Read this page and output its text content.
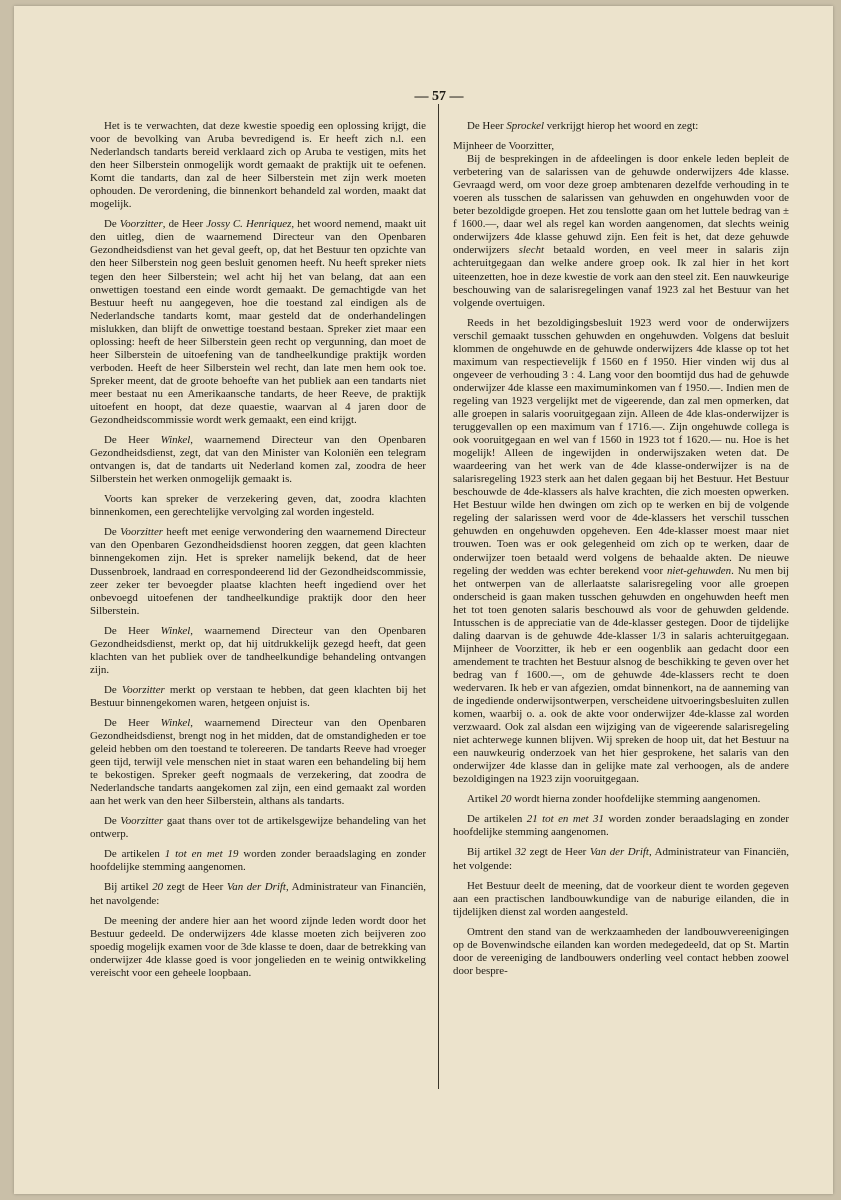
— 57 —

Het is te verwachten, dat deze kwestie spoedig een oplossing krijgt, die voor de bevolking van Aruba bevredigend is. Er heeft zich n.l. een Nederlandsch tandarts bereid verklaard zich op Aruba te vestigen, mits het den heer Silberstein onmogelijk wordt gemaakt de praktijk uit te oefenen. Komt die tandarts, dan zal de heer Silberstein met zijn werk moeten ophouden. De verordening, die binnenkort behandeld zal worden, maakt dat mogelijk.

De Voorzitter, de Heer Jossy C. Henriquez, het woord nemend, maakt uit den uitleg, dien de waarnemend Directeur van den Openbaren Gezondheidsdienst van het geval geeft, op, dat het Bestuur ten opzichte van den heer Silberstein nog geen besluit genomen heeft. Nu heeft spreker niets tegen den heer Silberstein; wel acht hij het van belang, dat aan een onwettigen toestand een einde wordt gemaakt. De gemachtigde van het Bestuur heeft nu aangegeven, hoe die toestand zal eindigen als de Nederlandsche tandarts komt, maar gesteld dat de onderhandelingen mislukken, dan blijft de onwettige toestand bestaan. Spreker ziet maar een oplossing: heeft de heer Silberstein geen recht op vergunning, dan moet de heer Silberstein de uitoefening van de tandheelkundige praktijk worden verboden. Heeft de heer Silberstein wel recht, dan late men hem ook toe. Spreker meent, dat de groote behoefte van het publiek aan een tandarts niet meer bestaat nu een Amerikaansche tandarts, de heer Reeve, de praktijk uitoefent en hoopt, dat deze quaestie, waarvan al 4 jaren door de Gezondheidscommissie wordt werk gemaakt, een eind krijgt.

De Heer Winkel, waarnemend Directeur van den Openbaren Gezondheidsdienst, zegt, dat van den Minister van Koloniën een telegram ontvangen is, dat de tandarts uit Nederland komen zal, zoodra de heer Silberstein het werken onmogelijk gemaakt is.

Voorts kan spreker de verzekering geven, dat, zoodra klachten binnenkomen, een gerechtelijke vervolging zal worden ingesteld.

De Voorzitter heeft met eenige verwondering den waarnemend Directeur van den Openbaren Gezondheidsdienst hooren zeggen, dat geen klachten binnengekomen zijn. Het is spreker namelijk bekend, dat de heer Dussenbroek, landraad en correspondeerend lid der Gezondheidscommissie, zeer zeker ter bevoegder plaatse klachten heeft ingediend over het onbevoegd uitoefenen der tandheelkundige praktijk door den heer Silberstein.

De Heer Winkel, waarnemend Directeur van den Openbaren Gezondheidsdienst, merkt op, dat hij uitdrukkelijk gezegd heeft, dat geen klachten van het publiek over de tandheelkundige behandeling ontvangen zijn.

De Voorzitter merkt op verstaan te hebben, dat geen klachten bij het Bestuur binnengekomen waren, hetgeen onjuist is.

De Heer Winkel, waarnemend Directeur van den Openbaren Gezondheidsdienst, brengt nog in het midden, dat de omstandigheden er toe geleid hebben om den toestand te tolereeren. De tandarts Reeve had vroeger geen tijd, terwijl vele menschen niet in staat waren een behandeling bij hem te bekostigen. Spreker geeft nogmaals de verzekering, dat zoodra de Nederlandsche tandarts aangekomen zal zijn, een eind gemaakt zal worden aan het werk van den heer Silberstein, althans als tandarts.

De Voorzitter gaat thans over tot de artikelsgewijze behandeling van het ontwerp.

De artikelen 1 tot en met 19 worden zonder beraadslaging en zonder hoofdelijke stemming aangenomen.

Bij artikel 20 zegt de Heer Van der Drift, Administrateur van Financiën, het navolgende:

De meening der andere hier aan het woord zijnde leden wordt door het Bestuur gedeeld. De onderwijzers 4de klasse moeten zich beijveren zoo spoedig mogelijk examen voor de 3de klasse te doen, daar de betrekking van onderwijzer 4de klasse goed is voor jongelieden en te weinig ontwikkeling vereischt voor een geheele loopbaan.

De Heer Sprockel verkrijgt hierop het woord en zegt:

Mijnheer de Voorzitter,

Bij de besprekingen in de afdeelingen is door enkele leden bepleit de verbetering van de salarissen van de gehuwde onderwijzers 4de klasse. Gevraagd werd, om voor deze groep ambtenaren dezelfde verhouding in te voeren als tusschen de salarissen van gehuwden en ongehuwden voor de beter bezoldigde groepen. Het zou tenslotte gaan om het luttele bedrag van ± f 1600.—, daar wel als regel kan worden aangenomen, dat slechts weinig onderwijzers 4de klasse gehuwd zijn. Een feit is het, dat deze gehuwde onderwijzers slecht betaald worden, en veel meer in salaris zijn achteruitgegaan dan welke andere groep ook. Ik zal hier in het kort uiteenzetten, hoe in deze kwestie de vork aan den steel zit. Een nauwkeurige beschouwing van de salarisregelingen vanaf 1923 zal het Bestuur van het volgende overtuigen.

Reeds in het bezoldigingsbesluit 1923 werd voor de onderwijzers verschil gemaakt tusschen gehuwden en ongehuwden. Volgens dat besluit klommen de ongehuwde en de gehuwde onderwijzers 4de klasse op tot het maximum van respectievelijk f 1560 en f 1950. Hier vinden wij dus al ongeveer de verhouding 3 : 4. Lang voor den boomtijd dus had de gehuwde onderwijzer 4de klasse een maximuminkomen van f 1950.—. Indien men de regeling van 1923 vergelijkt met de vigeerende, dan zal men opmerken, dat alle groepen in salaris vooruitgegaan zijn. Alleen de 4de klas-onderwijzer is teruggevallen op een maximum van f 1716.—. Zijn ongehuwde collega is ook vooruitgegaan en wel van f 1560 in 1923 tot f 1620.— nu. Hoe is het mogelijk! Alleen de ingewijden in onderwijszaken weten dat. De waardeering van het werk van de 4de klasse-onderwijzer is na de salarisregeling 1923 sterk aan het dalen gegaan bij het Bestuur. Het Bestuur beschouwde de 4de-klassers als halve krachten, die zich moesten opwerken. Het Bestuur wilde hen dwingen om zich op te werken en bij de volgende regeling der salarissen werd voor de 4de-klassers het verschil tusschen gehuwden en ongehuwden opgeheven. Een 4de-klasser moest maar niet trouwen. Toen was er ook gelegenheid om zich op te werken, daar de onderwijzer toen betaald werd volgens de behaalde akten. De nieuwe regeling der wedden was echter berekend voor niet-gehuwden. Nu men bij het ontwerpen van de allerlaatste salarisregeling voor alle groepen onderscheid is gaan maken tusschen gehuwden en ongehuwden heeft men het tot toen genoten salaris beschouwd als voor de gehuwden geldende. Intusschen is de appreciatie van de 4de-klasser gestegen. Door de tijdelijke daling daarvan is de gehuwde 4de-klasser 1/3 in salaris achteruitgegaan. Mijnheer de Voorzitter, ik heb er een oogenblik aan gedacht door een amendement te trachten het Bestuur alsnog de beschikking te geven over het bedrag van f 1600.—, om de gehuwde 4de-klassers recht te doen wedervaren. Ik heb er van afgezien, omdat binnenkort, na de aanneming van de ingediende onderwijsontwerpen, verscheidene uitvoeringsbesluiten zullen komen, waarbij o. a. ook de akte voor onderwijzer 4de-klasse zal worden verzwaard. Ook zal alsdan een wijziging van de vigeerende salarisregeling niet achterwege kunnen blijven. Wij spreken de hoop uit, dat het Bestuur na een nauwkeurig onderzoek van het hier gesprokene, het salaris van den onderwijzer 4de klasse dan in gelijke mate zal verhoogen, als de andere bezoldigingen na 1923 zijn vooruitgegaan.

Artikel 20 wordt hierna zonder hoofdelijke stemming aangenomen.

De artikelen 21 tot en met 31 worden zonder beraadslaging en zonder hoofdelijke stemming aangenomen.

Bij artikel 32 zegt de Heer Van der Drift, Administrateur van Financiën, het volgende:

Het Bestuur deelt de meening, dat de voorkeur dient te worden gegeven aan een practischen landbouwkundige van de naburige eilanden, die in tijdelijken dienst zal worden aangesteld.

Omtrent den stand van de werkzaamheden der landbouwvereenigingen op de Bovenwindsche eilanden kan worden medegedeeld, dat op St. Martin door de vereeniging de landbouwers onderling veel contact hebben zoowel door bespre-
